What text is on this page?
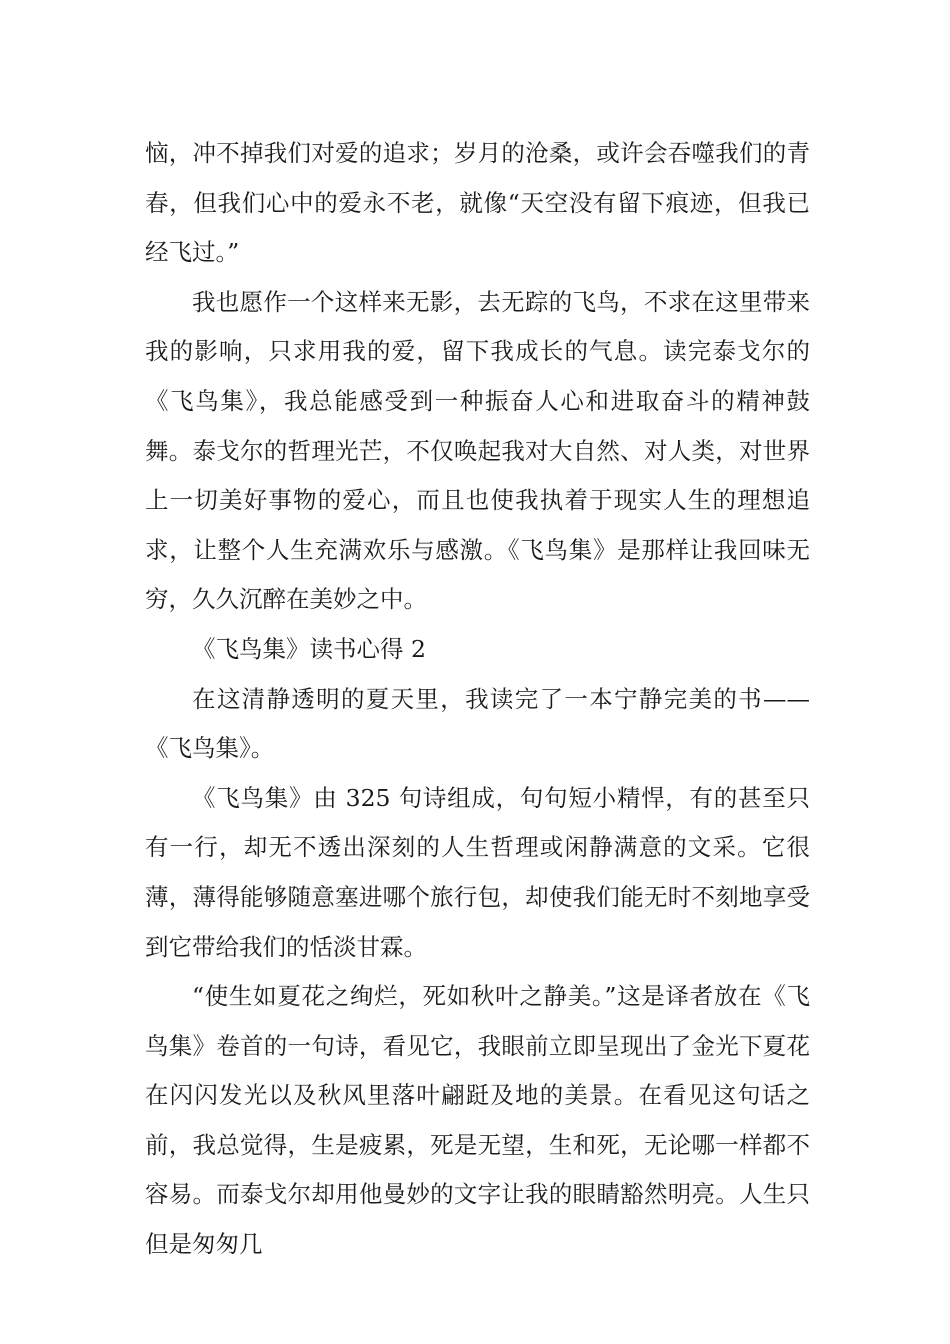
恼，冲不掉我们对爱的追求；岁月的沧桑，或许会吞噬我们的青春，但我们心中的爱永不老，就像“天空没有留下痕迹，但我已经飞过。”

我也愿作一个这样来无影，去无踪的飞鸟，不求在这里带来我的影响，只求用我的爱，留下我成长的气息。读完泰戈尔的《飞鸟集》，我总能感受到一种振奋人心和进取奋斗的精神鼓舞。泰戈尔的哲理光芒，不仅唤起我对大自然、对人类，对世界上一切美好事物的爱心，而且也使我执着于现实人生的理想追求，让整个人生充满欢乐与感激。《飞鸟集》是那样让我回味无穷，久久沉醉在美妙之中。

《飞鸟集》读书心得 2

在这清静透明的夏天里，我读完了一本宁静完美的书——《飞鸟集》。

《飞鸟集》由 325 句诗组成，句句短小精悍，有的甚至只有一行，却无不透出深刻的人生哲理或闲静满意的文采。它很薄，薄得能够随意塞进哪个旅行包，却使我们能无时不刻地享受到它带给我们的恬淡甘霖。

“使生如夏花之绚烂，死如秋叶之静美。”这是译者放在《飞鸟集》卷首的一句诗，看见它，我眼前立即呈现出了金光下夏花在闪闪发光以及秋风里落叶翩跹及地的美景。在看见这句话之前，我总觉得，生是疲累，死是无望，生和死，无论哪一样都不容易。而泰戈尔却用他曼妙的文字让我的眼睛豁然明亮。人生只但是匆匆几
